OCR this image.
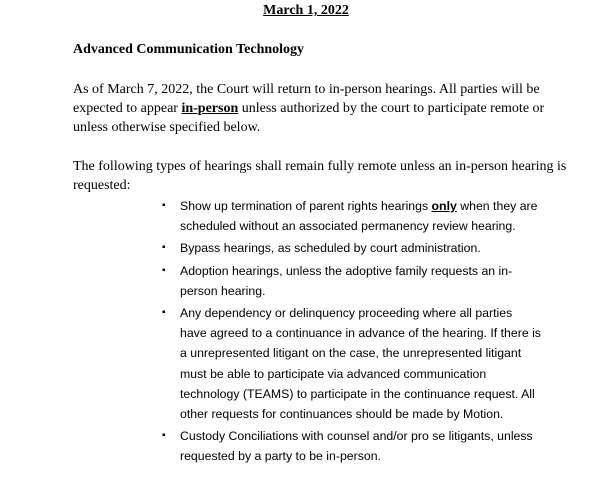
March 1, 2022
Advanced Communication Technology

As of March 7, 2022, the Court will return to in-person hearings. All parties will be expected to appear in-person unless authorized by the court to participate remote or unless otherwise specified below.

The following types of hearings shall remain fully remote unless an in-person hearing is requested:

▪ Show up termination of parent rights hearings only when they are scheduled without an associated permanency review hearing.
▪ Bypass hearings, as scheduled by court administration.
▪ Adoption hearings, unless the adoptive family requests an in-person hearing.
▪ Any dependency or delinquency proceeding where all parties have agreed to a continuance in advance of the hearing. If there is a unrepresented litigant on the case, the unrepresented litigant must be able to participate via advanced communication technology (TEAMS) to participate in the continuance request. All other requests for continuances should be made by Motion.
▪ Custody Conciliations with counsel and/or pro se litigants, unless requested by a party to be in-person.
